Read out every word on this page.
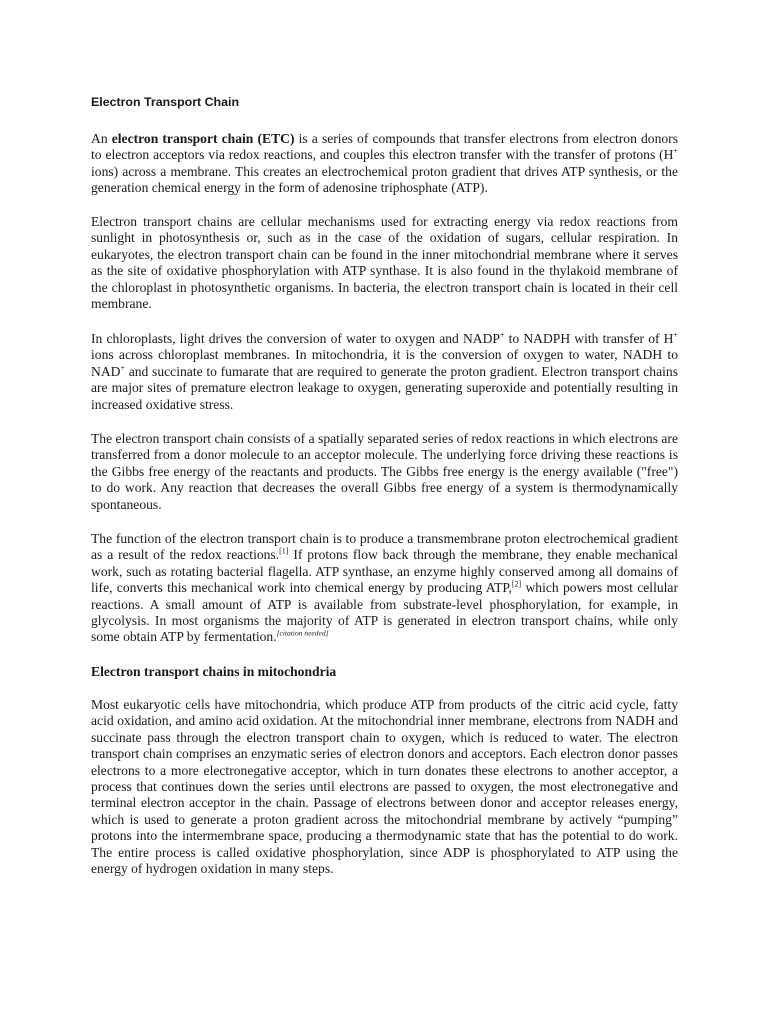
Electron Transport Chain

An electron transport chain (ETC) is a series of compounds that transfer electrons from electron donors to electron acceptors via redox reactions, and couples this electron transfer with the transfer of protons (H+ ions) across a membrane. This creates an electrochemical proton gradient that drives ATP synthesis, or the generation chemical energy in the form of adenosine triphosphate (ATP).

Electron transport chains are cellular mechanisms used for extracting energy via redox reactions from sunlight in photosynthesis or, such as in the case of the oxidation of sugars, cellular respiration. In eukaryotes, the electron transport chain can be found in the inner mitochondrial membrane where it serves as the site of oxidative phosphorylation with ATP synthase. It is also found in the thylakoid membrane of the chloroplast in photosynthetic organisms. In bacteria, the electron transport chain is located in their cell membrane.

In chloroplasts, light drives the conversion of water to oxygen and NADP+ to NADPH with transfer of H+ ions across chloroplast membranes. In mitochondria, it is the conversion of oxygen to water, NADH to NAD+ and succinate to fumarate that are required to generate the proton gradient. Electron transport chains are major sites of premature electron leakage to oxygen, generating superoxide and potentially resulting in increased oxidative stress.

The electron transport chain consists of a spatially separated series of redox reactions in which electrons are transferred from a donor molecule to an acceptor molecule. The underlying force driving these reactions is the Gibbs free energy of the reactants and products. The Gibbs free energy is the energy available ("free") to do work. Any reaction that decreases the overall Gibbs free energy of a system is thermodynamically spontaneous.

The function of the electron transport chain is to produce a transmembrane proton electrochemical gradient as a result of the redox reactions.[1] If protons flow back through the membrane, they enable mechanical work, such as rotating bacterial flagella. ATP synthase, an enzyme highly conserved among all domains of life, converts this mechanical work into chemical energy by producing ATP,[2] which powers most cellular reactions. A small amount of ATP is available from substrate-level phosphorylation, for example, in glycolysis. In most organisms the majority of ATP is generated in electron transport chains, while only some obtain ATP by fermentation.[citation needed]

Electron transport chains in mitochondria

Most eukaryotic cells have mitochondria, which produce ATP from products of the citric acid cycle, fatty acid oxidation, and amino acid oxidation. At the mitochondrial inner membrane, electrons from NADH and succinate pass through the electron transport chain to oxygen, which is reduced to water. The electron transport chain comprises an enzymatic series of electron donors and acceptors. Each electron donor passes electrons to a more electronegative acceptor, which in turn donates these electrons to another acceptor, a process that continues down the series until electrons are passed to oxygen, the most electronegative and terminal electron acceptor in the chain. Passage of electrons between donor and acceptor releases energy, which is used to generate a proton gradient across the mitochondrial membrane by actively “pumping” protons into the intermembrane space, producing a thermodynamic state that has the potential to do work. The entire process is called oxidative phosphorylation, since ADP is phosphorylated to ATP using the energy of hydrogen oxidation in many steps.
